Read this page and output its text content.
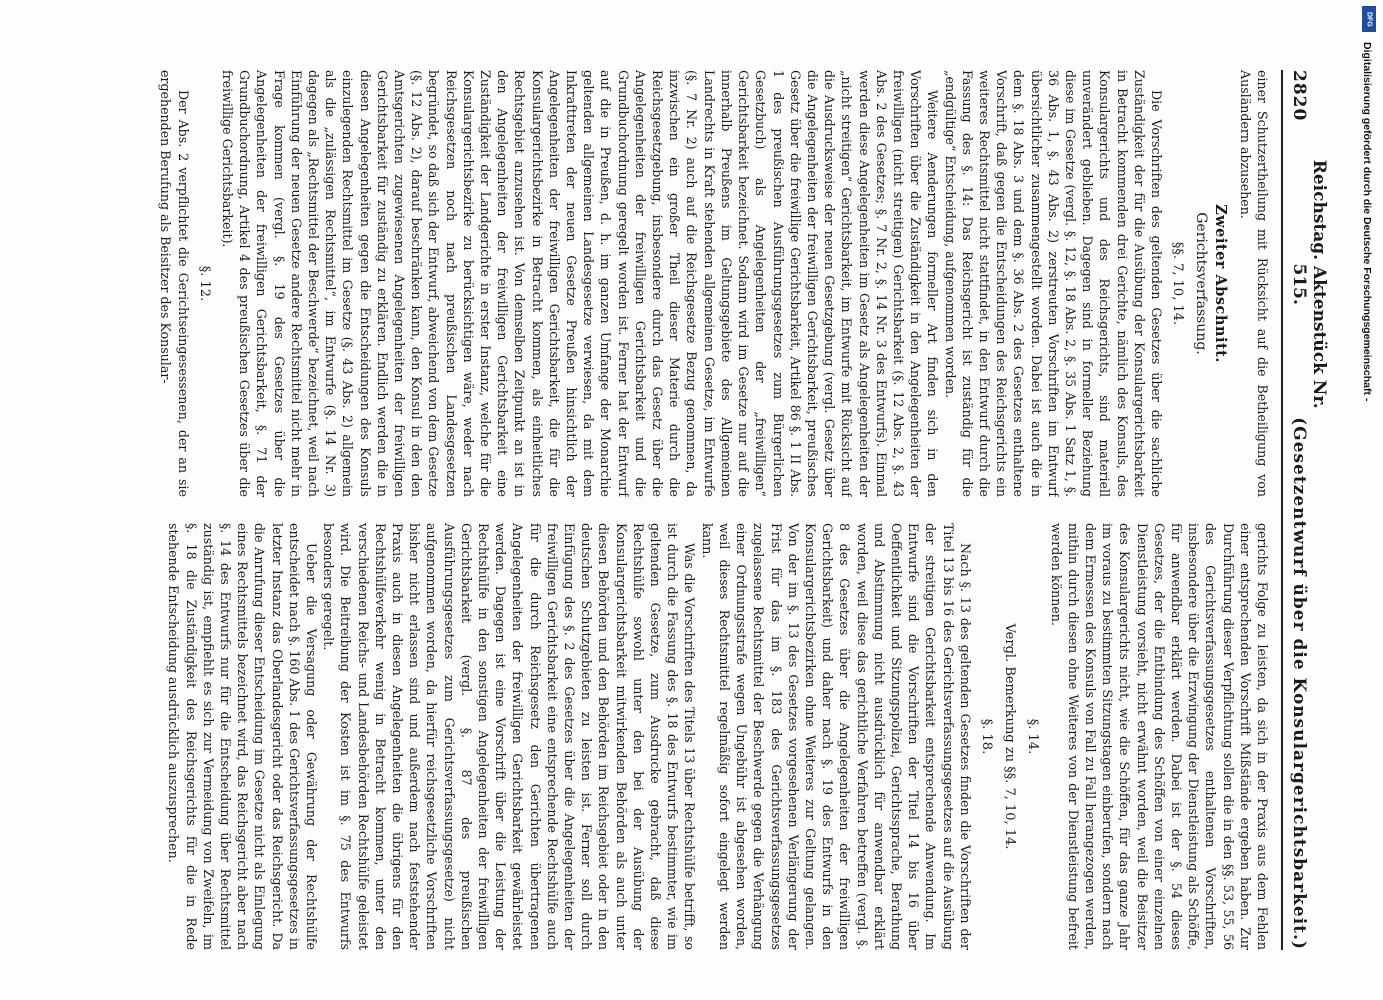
2820
Reichstag. Aktenstück Nr. 515.
(Gesetzentwurf über die Konsulargerichtsbarkeit.)

einer Schutzertheilung mit Rücksicht auf die Betheiligung von Ausländern abzusehen.

Zweiter Abschnitt.
Gerichtsverfassung.
§§. 7, 10, 14.

Die Vorschriften des geltenden Gesetzes über die sachliche Zuständigkeit der für die Ausübung der Konsulargerichtsbarkeit in Betracht kommenden drei Gerichte, nämlich des Konsuls, des Konsulargerichts und des Reichsgerichts, sind materiell unverändert geblieben. Dagegen sind in formeller Beziehung diese im Gesetze (vergl. §. 12, §. 18 Abs. 2, §. 35 Abs. 1 Satz 1, §. 36 Abs. 1, §. 43 Abs. 2) zerstreuten Vorschriften im Entwurf übersichtlicher zusammengestellt worden. Dabei ist auch die in dem §. 18 Abs. 3 und dem §. 36 Abs. 2 des Gesetzes enthaltene Vorschrift, daß gegen die Entscheidungen des Reichsgerichts ein weiteres Rechtsmittel nicht stattfindet, in den Entwurf durch die Fassung des §. 14: Das Reichsgericht ist zuständig für die „endgültige“ Entscheidung, aufgenommen worden.

Weitere Aenderungen formeller Art finden sich in den Vorschriften über die Zuständigkeit in den Angelegenheiten der freiwilligen (nicht streitigen) Gerichtsbarkeit (§. 12 Abs. 2, §. 43 Abs. 2 des Gesetzes; §. 7 Nr. 2, §. 14 Nr. 3 des Entwurfs). Einmal werden diese Angelegenheiten im Gesetz als Angelegenheiten der „nicht streitigen“ Gerichtsbarkeit, im Entwurfe mit Rücksicht auf die Ausdrucksweise der neuen Gesetzgebung (vergl. Gesetz über die Angelegenheiten der freiwilligen Gerichtsbarkeit, preußisches Gesetz über die freiwillige Gerichtsbarkeit, Artikel 86 §. 1 II Abs. 1 des preußischen Ausführungsgesetzes zum Bürgerlichen Gesetzbuch) als Angelegenheiten der „freiwilligen“ Gerichtsbarkeit bezeichnet. Sodann wird im Gesetze nur auf die innerhalb Preußens im Geltungsgebiete des Allgemeinen Landrechts in Kraft stehenden allgemeinen Gesetze, im Entwurfe (§. 7 Nr. 2) auch auf die Reichsgesetze Bezug genommen, da inzwischen ein großer Theil dieser Materie durch die Reichsgesetzgebung, insbesondere durch das Gesetz über die Angelegenheiten der freiwilligen Gerichtsbarkeit und die Grundbuchordnung geregelt worden ist. Ferner hat der Entwurf auf die in Preußen, d. h. im ganzen Umfange der Monarchie geltenden allgemeinen Landesgesetze verwiesen, da mit dem Inkrafttreten der neuen Gesetze Preußen hinsichtlich der Angelegenheiten der freiwilligen Gerichtsbarkeit, die für die Konsulargerichtsbezirke in Betracht kommen, als einheitliches Rechtsgebiet anzusehen ist. Von demselben Zeitpunkt an ist in den Angelegenheiten der freiwilligen Gerichtsbarkeit eine Zuständigkeit der Landgerichte in erster Instanz, welche für die Konsulargerichtsbezirke zu berücksichtigen wäre, weder nach Reichsgesetzen noch nach preußischen Landesgesetzen begründet, so daß sich der Entwurf, abweichend von dem Gesetze (§. 12 Abs. 2), darauf beschränken kann, den Konsul in den den Amtsgerichten zugewiesenen Angelegenheiten der freiwilligen Gerichtsbarkeit für zuständig zu erklären. Endlich werden die in diesen Angelegenheiten gegen die Entscheidungen des Konsuls einzulegenden Rechtsmittel im Gesetze (§. 43 Abs. 2) allgemein als die „zulässigen Rechtsmittel“, im Entwurfe (§. 14 Nr. 3) dagegen als „Rechtsmittel der Beschwerde“ bezeichnet, weil nach Einführung der neuen Gesetze andere Rechtsmittel nicht mehr in Frage kommen (vergl. §. 19 des Gesetzes über die Angelegenheiten der freiwilligen Gerichtsbarkeit, §. 71 der Grundbuchordnung, Artikel 4 des preußischen Gesetzes über die freiwillige Gerichtsbarkeit).

§. 12.

Der Abs. 2 verpflichtet die Gerichtseingesessenen, der an sie ergehenden Berufung als Beisitzer des Konsular-

gerichts Folge zu leisten, da sich in der Praxis aus dem Fehlen einer entsprechenden Vorschrift Mißstände ergeben haben. Zur Durchführung dieser Verpflichtung sollen die in den §§. 53, 55, 56 des Gerichtsverfassungsgesetzes enthaltenen Vorschriften, insbesondere über die Erzwingung der Dienstleistung als Schöffe, für anwendbar erklärt werden. Dabei ist der §. 54 dieses Gesetzes, der die Entbindung des Schöffen von einer einzelnen Dienstleistung vorsieht, nicht erwähnt worden, weil die Beisitzer des Konsulargerichts nicht, wie die Schöffen, für das ganze Jahr im voraus zu bestimmten Sitzungstagen einberufen, sondern nach dem Ermessen des Konsuls von Fall zu Fall herangezogen werden, mithin durch diesen ohne Weiteres von der Dienstleistung befreit werden können.

§. 14.
Vergl. Bemerkung zu §§. 7, 10, 14.
§. 18.

Nach §. 13 des geltenden Gesetzes finden die Vorschriften der Titel 13 bis 16 des Gerichtsverfassungsgesetzes auf die Ausübung der streitigen Gerichtsbarkeit entsprechende Anwendung. Im Entwurfe sind die Vorschriften der Titel 14 bis 16 über Oeffentlichkeit und Sitzungspolizei, Gerichtssprache, Berathung und Abstimmung nicht ausdrücklich für anwendbar erklärt worden, weil diese das gerichtliche Verfahren betreffen (vergl. §. 8 des Gesetzes über die Angelegenheiten der freiwilligen Gerichtsbarkeit) und daher nach §. 19 des Entwurfs in den Konsulargerichtsbezirken ohne Weiteres zur Geltung gelangen. Von der im §. 13 des Gesetzes vorgesehenen Verlängerung der Frist für das im §. 183 des Gerichtsverfassungsgesetzes zugelassene Rechtsmittel der Beschwerde gegen die Verhängung einer Ordnungsstrafe wegen Ungebühr ist abgesehen worden, weil dieses Rechtsmittel regelmäßig sofort eingelegt werden kann.

Was die Vorschriften des Titels 13 über Rechtshülfe betrifft, so ist durch die Fassung des §. 18 des Entwurfs bestimmter, wie im geltenden Gesetze, zum Ausdrucke gebracht, daß diese Rechtshülfe sowohl unter den bei der Ausübung der Konsulargerichtsbarkeit mitwirkenden Behörden als auch unter diesen Behörden und den Behörden im Reichsgebiet oder in den deutschen Schutzgebieten zu leisten ist. Ferner soll durch Einfügung des §. 2 des Gesetzes über die Angelegenheiten der freiwilligen Gerichtsbarkeit eine entsprechende Rechtshülfe auch für die durch Reichsgesetz den Gerichten übertragenen Angelegenheiten der freiwilligen Gerichtsbarkeit gewährleistet werden. Dagegen ist eine Vorschrift über die Leistung der Rechtshülfe in den sonstigen Angelegenheiten der freiwilligen Gerichtsbarkeit (vergl. §. 87 des preußischen Ausführungsgesetzes zum Gerichtsverfassungsgesetze) nicht aufgenommen worden, da hierfür reichsgesetzliche Vorschriften bisher nicht erlassen sind und außerdem nach feststehender Praxis auch in diesen Angelegenheiten die übrigens für den Rechtshülfeverkehr wenig in Betracht kommen, unter den verschiedenen Reichs- und Landesbehörden Rechtshülfe geleistet wird. Die Beitreibung der Kosten ist im §. 75 des Entwurfs besonders geregelt.

Ueber die Versagung oder Gewährung der Rechtshülfe entscheidet nach §. 160 Abs. 1 des Gerichtsverfassungsgesetzes in letzter Instanz das Oberlandesgericht oder das Reichsgericht. Da die Anrufung dieser Entscheidung im Gesetze nicht als Einlegung eines Rechtsmittels bezeichnet wird, das Reichsgericht aber nach §. 14 des Entwurfs nur für die Entscheidung über Rechtsmittel zuständig ist, empfiehlt es sich zur Vermeidung von Zweifeln, im §. 18 die Zuständigkeit des Reichsgerichts für die in Rede stehende Entscheidung ausdrücklich auszusprechen.

DFG
Digitalisierung gefördert durch die Deutsche Forschungsgemeinschaft -
